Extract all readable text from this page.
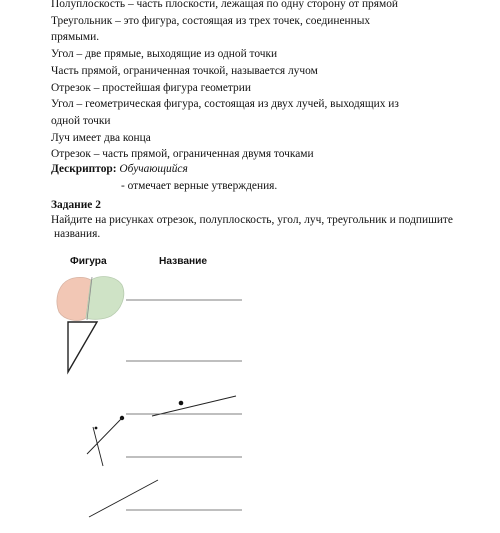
Полуплоскость – часть плоскости, лежащая по одну сторону от прямой
Треугольник – это фигура, состоящая из трех точек, соединенных
прямыми.
Угол – две прямые, выходящие из одной точки
Часть прямой, ограниченная точкой, называется лучом
Отрезок – простейшая фигура геометрии
Угол – геометрическая фигура, состоящая из двух лучей, выходящих из
одной точки
Луч имеет два конца
Отрезок – часть прямой, ограниченная двумя точками
Дескриптор: Обучающийся
- отмечает верные утверждения.
Задание 2
Найдите на рисунках отрезок, полуплоскость, угол, луч, треугольник и подпишите
названия.
Фигура	Название
